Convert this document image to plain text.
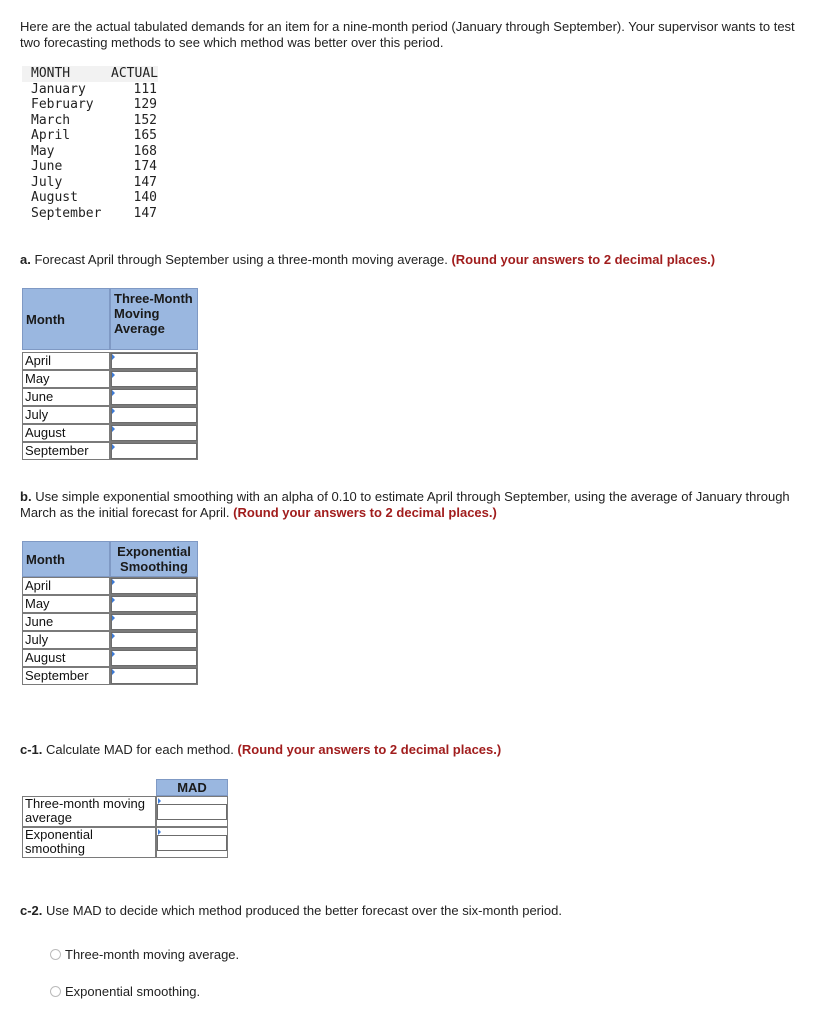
Here are the actual tabulated demands for an item for a nine-month period (January through September). Your supervisor wants to test two forecasting methods to see which method was better over this period.
MONTH	ACTUAL
January	111
February	129
March	152
April	165
May	168
June	174
July	147
August	140
September	147
a. Forecast April through September using a three-month moving average. (Round your answers to 2 decimal places.)
Month	Three-Month Moving Average

April	

May	

June	

July	

August	

September	
b. Use simple exponential smoothing with an alpha of 0.10 to estimate April through September, using the average of January through March as the initial forecast for April. (Round your answers to 2 decimal places.)
Month	Exponential Smoothing
April	

May	

June	

July	

August	

September	
c-1. Calculate MAD for each method. (Round your answers to 2 decimal places.)
	MAD
Three-month moving average	

Exponential smoothing	
c-2. Use MAD to decide which method produced the better forecast over the six-month period.
Three-month moving average.
Exponential smoothing.
